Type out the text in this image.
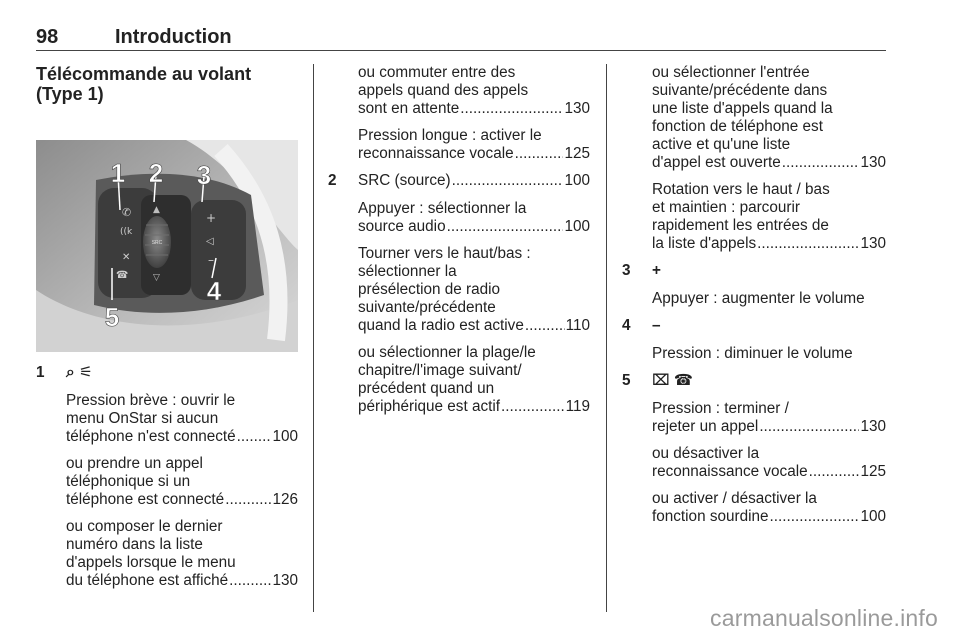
98	Introduction
Télécommande au volant
(Type 1)
SRC
✆
((k
✕
☎
+
◁
–
▲
▽
1 2 3
4
5
1 ⌕ ⚟
Pression brève : ouvrir le
menu OnStar si aucun
téléphone n'est connecté ..... 100
ou prendre un appel
téléphonique si un
téléphone est connecté .....	126
ou composer le dernier
numéro dans la liste
d'appels lorsque le menu
du téléphone est affiché .....	130
ou commuter entre des
appels quand des appels
sont en attente .....	130
Pression longue : activer le
reconnaissance vocale .....	125
2 SRC (source) .....	100
Appuyer : sélectionner la
source audio .....	100
Tourner vers le haut/bas :
sélectionner la
présélection de radio
suivante/précédente
quand la radio est active .....	110
ou sélectionner la plage/le
chapitre/l'image suivant/
précédent quand un
périphérique est actif .....	119
ou sélectionner l'entrée
suivante/précédente dans
une liste d'appels quand la
fonction de téléphone est
active et qu'une liste
d'appel est ouverte .....	130
Rotation vers le haut / bas
et maintien : parcourir
rapidement les entrées de
la liste d'appels .....	130
3 +
Appuyer : augmenter le volume
4 –
Pression : diminuer le volume
5 ⌧ ☎
Pression : terminer /
rejeter un appel .....	130
ou désactiver la
reconnaissance vocale .....	125
ou activer / désactiver la
fonction sourdine .....	100
carmanualsonline.info
